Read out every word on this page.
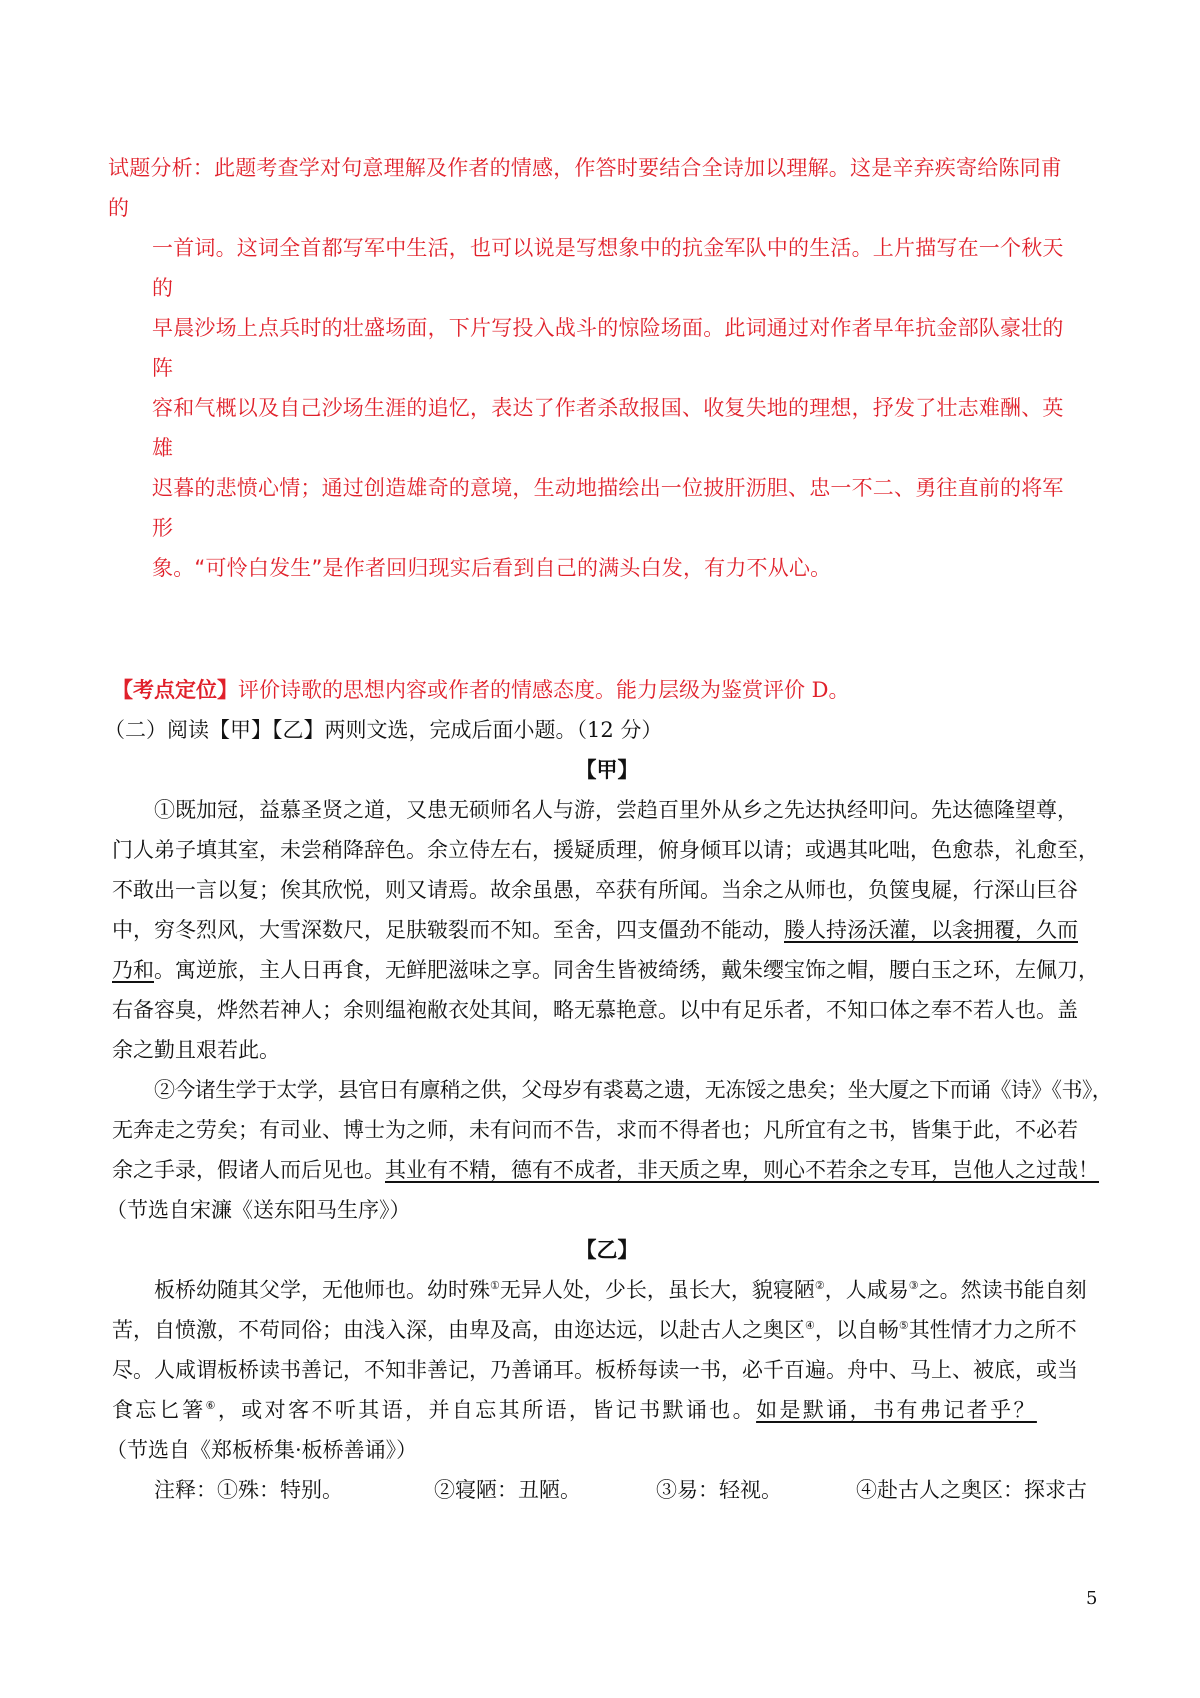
试题分析：此题考查学对句意理解及作者的情感，作答时要结合全诗加以理解。这是辛弃疾寄给陈同甫的
一首词。这词全首都写军中生活，也可以说是写想象中的抗金军队中的生活。上片描写在一个秋天的
早晨沙场上点兵时的壮盛场面，下片写投入战斗的惊险场面。此词通过对作者早年抗金部队豪壮的阵
容和气概以及自己沙场生涯的追忆，表达了作者杀敌报国、收复失地的理想，抒发了壮志难酬、英雄
迟暮的悲愤心情；通过创造雄奇的意境，生动地描绘出一位披肝沥胆、忠一不二、勇往直前的将军形
象。“可怜白发生”是作者回归现实后看到自己的满头白发，有力不从心。
【考点定位】评价诗歌的思想内容或作者的情感态度。能力层级为鉴赏评价 D。
（二）阅读【甲】【乙】两则文选，完成后面小题。（12 分）
【甲】
①既加冠，益慕圣贤之道，又患无硕师名人与游，尝趋百里外从乡之先达执经叩问。先达德隆望尊，
门人弟子填其室，未尝稍降辞色。余立侍左右，援疑质理，俯身倾耳以请；或遇其叱咄，色愈恭，礼愈至，
不敢出一言以复；俟其欣悦，则又请焉。故余虽愚，卒获有所闻。当余之从师也，负箧曳屣，行深山巨谷
中，穷冬烈风，大雪深数尺，足肤皲裂而不知。至舍，四支僵劲不能动，媵人持汤沃灌，以衾拥覆，久而
乃和。寓逆旅，主人日再食，无鲜肥滋味之享。同舍生皆被绮绣，戴朱缨宝饰之帽，腰白玉之环，左佩刀，
右备容臭，烨然若神人；余则缊袍敝衣处其间，略无慕艳意。以中有足乐者，不知口体之奉不若人也。盖
余之勤且艰若此。
②今诸生学于太学，县官日有廪稍之供，父母岁有裘葛之遗，无冻馁之患矣；坐大厦之下而诵《诗》《书》，
无奔走之劳矣；有司业、博士为之师，未有问而不告，求而不得者也；凡所宜有之书，皆集于此，不必若
余之手录，假诸人而后见也。其业有不精，德有不成者，非天质之卑，则心不若余之专耳，岂他人之过哉！
（节选自宋濂《送东阳马生序》）
【乙】
板桥幼随其父学，无他师也。幼时殊①无异人处，少长，虽长大，貌寝陋②，人咸易③之。然读书能自刻
苦，自愤激，不苟同俗；由浅入深，由卑及高，由迩达远，以赴古人之奥区④，以自畅⑤其性情才力之所不
尽。人咸谓板桥读书善记，不知非善记，乃善诵耳。板桥每读一书，必千百遍。舟中、马上、被底，或当
食忘匕箸⑥，或对客不听其语，并自忘其所语，皆记书默诵也。如是默诵，书有弗记者乎？
（节选自《郑板桥集·板桥善诵》）
注释：①殊：特别。	②寝陋：丑陋。	③易：轻视。	④赴古人之奥区：探求古
5
